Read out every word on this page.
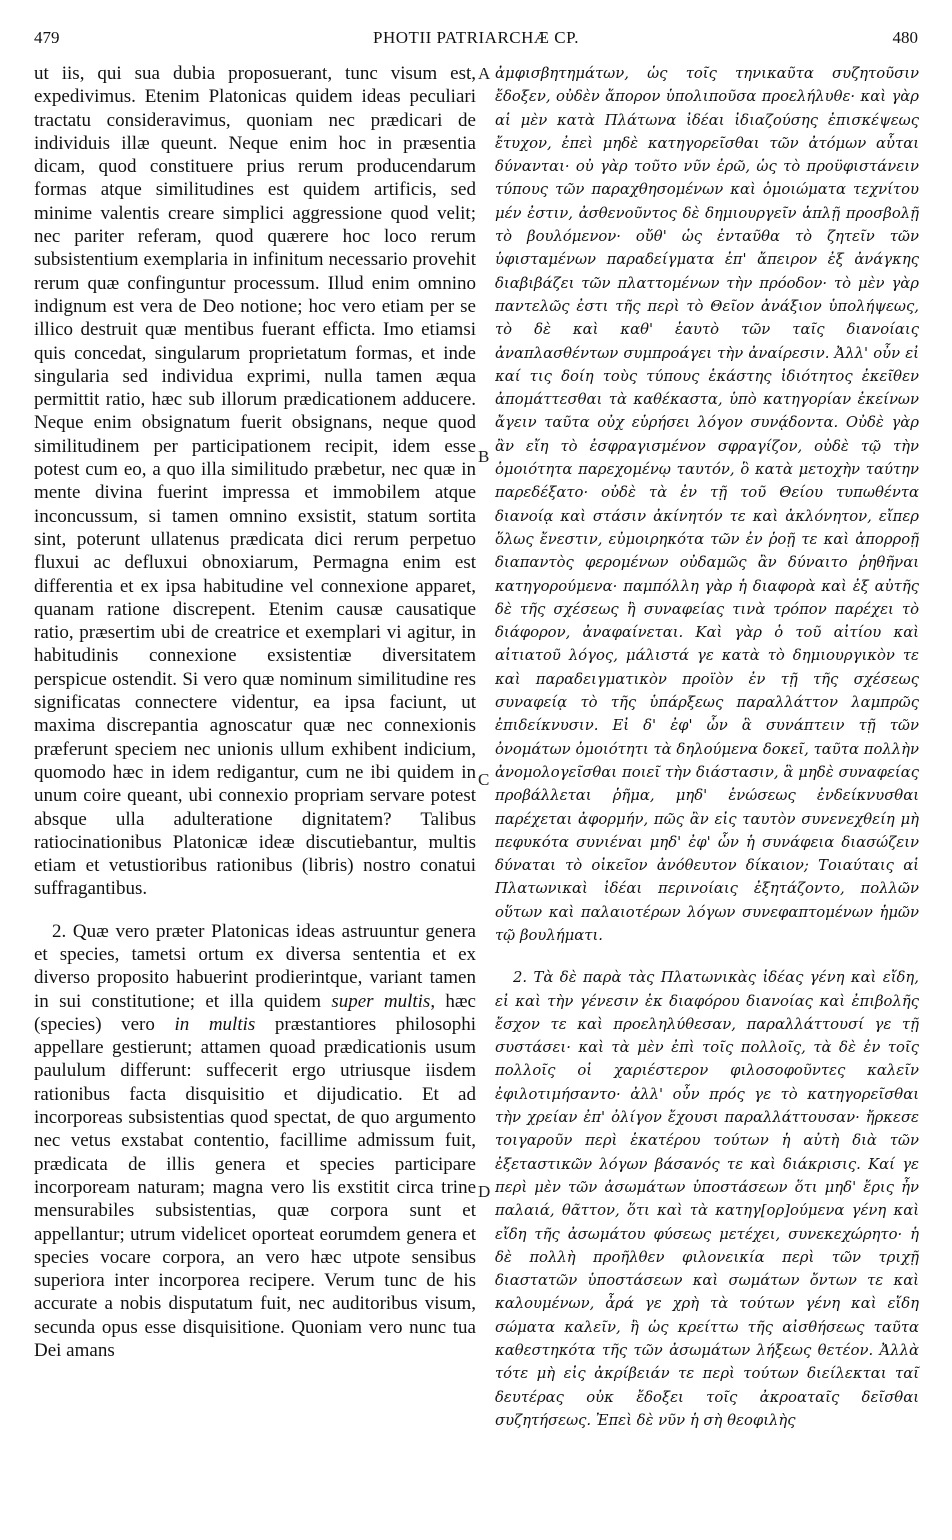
479	PHOTII PATRIARCHÆ CP.	480

ut iis, qui sua dubia proposuerant, tunc visum est, expedivimus. Etenim Platonicas quidem ideas peculiari tractatu consideravimus, quoniam nec prædicari de individuis illæ queunt. Neque enim hoc in præsentia dicam, quod constituere prius rerum producendarum formas atque similitudines est quidem artificis, sed minime valentis creare simplici aggressione quod velit; nec pariter referam, quod quærere hoc loco rerum subsistentium exemplaria in infinitum necessario provehit rerum quæ confinguntur processum. Illud enim omnino indignum est vera de Deo notione; hoc vero etiam per se illico destruit quæ mentibus fuerant efficta. Imo etiamsi quis concedat, singularum proprietatum formas, et inde singularia sed individua exprimi, nulla tamen æqua permittit ratio, hæc sub illorum prædicationem adducere. Neque enim obsignatum fuerit obsignans, neque quod similitudinem per participationem recipit, idem esse potest cum eo, a quo illa similitudo præbetur, nec quæ in mente divina fuerint impressa et immobilem atque inconcussum, si tamen omnino exsistit, statum sortita sint, poterunt ullatenus prædicata dici rerum perpetuo fluxui ac defluxui obnoxiarum, Permagna enim est differentia et ex ipsa habitudine vel connexione apparet, quanam ratione discrepent. Etenim causæ causatique ratio, præsertim ubi de creatrice et exemplari vi agitur, in habitudinis connexione exsistentiæ diversitatem perspicue ostendit. Si vero quæ nominum similitudine res significatas connectere videntur, ea ipsa faciunt, ut maxima discrepantia agnoscatur quæ nec connexionis præferunt speciem nec unionis ullum exhibent indicium, quomodo hæc in idem redigantur, cum ne ibi quidem in unum coire queant, ubi connexio propriam servare potest absque ulla adulteratione dignitatem? Talibus ratiocinationibus Platonicæ ideæ discutiebantur, multis etiam et vetustioribus rationibus (libris) nostro conatui suffragantibus.

2. Quæ vero præter Platonicas ideas astruuntur genera et species, tametsi ortum ex diversa sententia et ex diverso proposito habuerint prodierintque, variant tamen in sui constitutione; et illa quidem super multis, hæc (species) vero in multis præstantiores philosophi appellare gestierunt; attamen quoad prædicationis usum paululum differunt: suffecerit ergo utriusque iisdem rationibus facta disquisitio et dijudicatio. Et ad incorporeas subsistentias quod spectat, de quo argumento nec vetus exstabat contentio, facillime admissum fuit, prædicata de illis genera et species participare incorpoream naturam; magna vero lis exstitit circa trine mensurabiles subsistentias, quæ corpora sunt et appellantur; utrum videlicet oporteat eorumdem genera et species vocare corpora, an vero hæc utpote sensibus superiora inter incorporea recipere. Verum tunc de his accurate a nobis disputatum fuit, nec auditoribus visum, secunda opus esse disquisitione. Quoniam vero nunc tua Dei amans

A
B
C
D

ἀμφισβητημάτων, ὡς τοῖς τηνικαῦτα συζητοῦσιν ἔδοξεν, οὐδὲν ἄπορον ὑπολιποῦσα προελήλυθε· καὶ γὰρ αἱ μὲν κατὰ Πλάτωνα ἰδέαι ἰδιαζούσης ἐπισκέψεως ἔτυχον, ἐπεὶ μηδὲ κατηγορεῖσθαι τῶν ἀτόμων αὗται δύνανται· οὐ γὰρ τοῦτο νῦν ἐρῶ, ὡς τὸ προϋφιστάνειν τύπους τῶν παραχθησομένων καὶ ὁμοιώματα τεχνίτου μέν ἐστιν, ἀσθενοῦντος δὲ δημιουργεῖν ἁπλῇ προσβολῇ τὸ βουλόμενον· οὔθ' ὡς ἐνταῦθα τὸ ζητεῖν τῶν ὑφισταμένων παραδείγματα ἐπ' ἄπειρον ἐξ ἀνάγκης διαβιβάζει τῶν πλαττομένων τὴν πρόοδον· τὸ μὲν γὰρ παντελῶς ἐστι τῆς περὶ τὸ Θεῖον ἀνάξιον ὑπολήψεως, τὸ δὲ καὶ καθ' ἑαυτὸ τῶν ταῖς διανοίαις ἀναπλασθέντων συμπροάγει τὴν ἀναίρεσιν. Ἀλλ' οὖν εἰ καί τις δοίη τοὺς τύπους ἑκάστης ἰδιότητος ἐκεῖθεν ἀπομάττεσθαι τὰ καθέκαστα, ὑπὸ κατηγορίαν ἐκείνων ἄγειν ταῦτα οὐχ εὑρήσει λόγον συνᾴδοντα. Οὐδὲ γὰρ ἂν εἴη τὸ ἐσφραγισμένον σφραγίζον, οὐδὲ τῷ τὴν ὁμοιότητα παρεχομένῳ ταυτόν, ὃ κατὰ μετοχὴν ταύτην παρεδέξατο· οὐδὲ τὰ ἐν τῇ τοῦ Θείου τυπωθέντα διανοίᾳ καὶ στάσιν ἀκίνητόν τε καὶ ἀκλόνητον, εἴπερ ὅλως ἔνεστιν, εὐμοιρηκότα τῶν ἐν ῥοῇ τε καὶ ἀπορροῇ διαπαντὸς φερομένων οὐδαμῶς ἂν δύναιτο ῥηθῆναι κατηγορούμενα· παμπόλλη γὰρ ἡ διαφορὰ καὶ ἐξ αὐτῆς δὲ τῆς σχέσεως ἢ συναφείας τινὰ τρόπον παρέχει τὸ διάφορον, ἀναφαίνεται. Καὶ γὰρ ὁ τοῦ αἰτίου καὶ αἰτιατοῦ λόγος, μάλιστά γε κατὰ τὸ δημιουργικὸν τε καὶ παραδειγματικὸν προϊὸν ἐν τῇ τῆς σχέσεως συναφείᾳ τὸ τῆς ὑπάρξεως παραλλάττον λαμπρῶς ἐπιδείκνυσιν. Εἰ δ' ἐφ' ὧν ἃ συνάπτειν τῇ τῶν ὀνομάτων ὁμοιότητι τὰ δηλούμενα δοκεῖ, ταῦτα πολλὴν ἀνομολογεῖσθαι ποιεῖ τὴν διάστασιν, ἃ μηδὲ συναφείας προβάλλεται ῥῆμα, μηδ' ἑνώσεως ἐνδείκνυσθαι παρέχεται ἀφορμήν, πῶς ἂν εἰς ταυτὸν συνενεχθείη μὴ πεφυκότα συνιέναι μηδ' ἐφ' ὧν ἡ συνάφεια διασώζειν δύναται τὸ οἰκεῖον ἀνόθευτον δίκαιον; Τοιαύταις αἱ Πλατωνικαὶ ἰδέαι περινοίαις ἐξητάζοντο, πολλῶν οὕτων καὶ παλαιοτέρων λόγων συνεφαπτομένων ἡμῶν τῷ βουλήματι.

2. Τὰ δὲ παρὰ τὰς Πλατωνικὰς ἰδέας γένη καὶ εἴδη, εἰ καὶ τὴν γένεσιν ἐκ διαφόρου διανοίας καὶ ἐπιβολῆς ἔσχον τε καὶ προεληλύθεσαν, παραλλάττουσί γε τῇ συστάσει· καὶ τὰ μὲν ἐπὶ τοῖς πολλοῖς, τὰ δὲ ἐν τοῖς πολλοῖς οἱ χαριέστερον φιλοσοφοῦντες καλεῖν ἐφιλοτιμήσαντο· ἀλλ' οὖν πρός γε τὸ κατηγορεῖσθαι τὴν χρείαν ἐπ' ὀλίγον ἔχουσι παραλλάττουσαν· ἤρκεσε τοιγαροῦν περὶ ἑκατέρου τούτων ἡ αὐτὴ διὰ τῶν ἐξεταστικῶν λόγων βάσανός τε καὶ διάκρισις. Καί γε περὶ μὲν τῶν ἀσωμάτων ὑποστάσεων ὅτι μηδ' ἔρις ἦν παλαιά, θᾶττον, ὅτι καὶ τὰ κατηγ[ορ]ούμενα γένη καὶ εἴδη τῆς ἀσωμάτου φύσεως μετέχει, συνεκεχώρητο· ἡ δὲ πολλὴ προῆλθεν φιλονεικία περὶ τῶν τριχῇ διαστατῶν ὑποστάσεων καὶ σωμάτων ὄντων τε καὶ καλουμένων, ἆρά γε χρὴ τὰ τούτων γένη καὶ εἴδη σώματα καλεῖν, ἢ ὡς κρείττω τῆς αἰσθήσεως ταῦτα καθεστηκότα τῆς τῶν ἀσωμάτων λήξεως θετέον. Ἀλλὰ τότε μὴ εἰς ἀκρίβειάν τε περὶ τούτων διείλεκται ταῖ δευτέρας οὐκ ἔδοξει τοῖς ἀκροαταῖς δεῖσθαι συζητήσεως. Ἐπεὶ δὲ νῦν ἡ σὴ θεοφιλὴς
